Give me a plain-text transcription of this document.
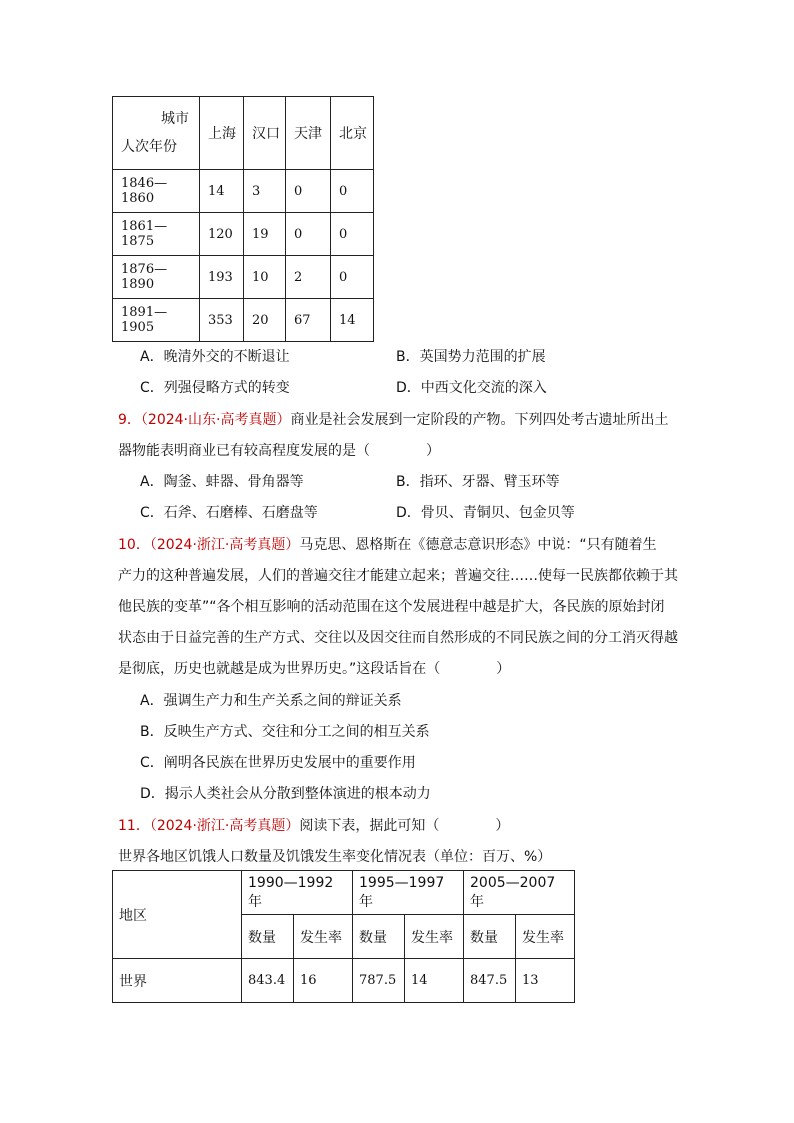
城市
人次年份	上海	汉口	天津	北京
1846—1860	14	3	0	0
1861—1875	120	19	0	0
1876—1890	193	10	2	0
1891—1905	353	20	67	14
A．晚清外交的不断退让	B．英国势力范围的扩展
C．列强侵略方式的转变	D．中西文化交流的深入
9．（2024·山东·高考真题）商业是社会发展到一定阶段的产物。下列四处考古遗址所出土
器物能表明商业已有较高程度发展的是（　　　　）
A．陶釜、蚌器、骨角器等	B．指环、牙器、臂玉环等
C．石斧、石磨棒、石磨盘等	D．骨贝、青铜贝、包金贝等
10．（2024·浙江·高考真题）马克思、恩格斯在《德意志意识形态》中说：“只有随着生
产力的这种普遍发展，人们的普遍交往才能建立起来；普遍交往……使每一民族都依赖于其
他民族的变革”“各个相互影响的活动范围在这个发展进程中越是扩大，各民族的原始封闭
状态由于日益完善的生产方式、交往以及因交往而自然形成的不同民族之间的分工消灭得越
是彻底，历史也就越是成为世界历史。”这段话旨在（　　　　）
A．强调生产力和生产关系之间的辩证关系
B．反映生产方式、交往和分工之间的相互关系
C．阐明各民族在世界历史发展中的重要作用
D．揭示人类社会从分散到整体演进的根本动力
11．（2024·浙江·高考真题）阅读下表，据此可知（　　　　）
世界各地区饥饿人口数量及饥饿发生率变化情况表（单位：百万、%）
地区	1990—1992 年		1995—1997 年		2005—2007 年	
	数量	发生率	数量	发生率	数量	发生率
世界	843.4	16	787.5	14	847.5	13
